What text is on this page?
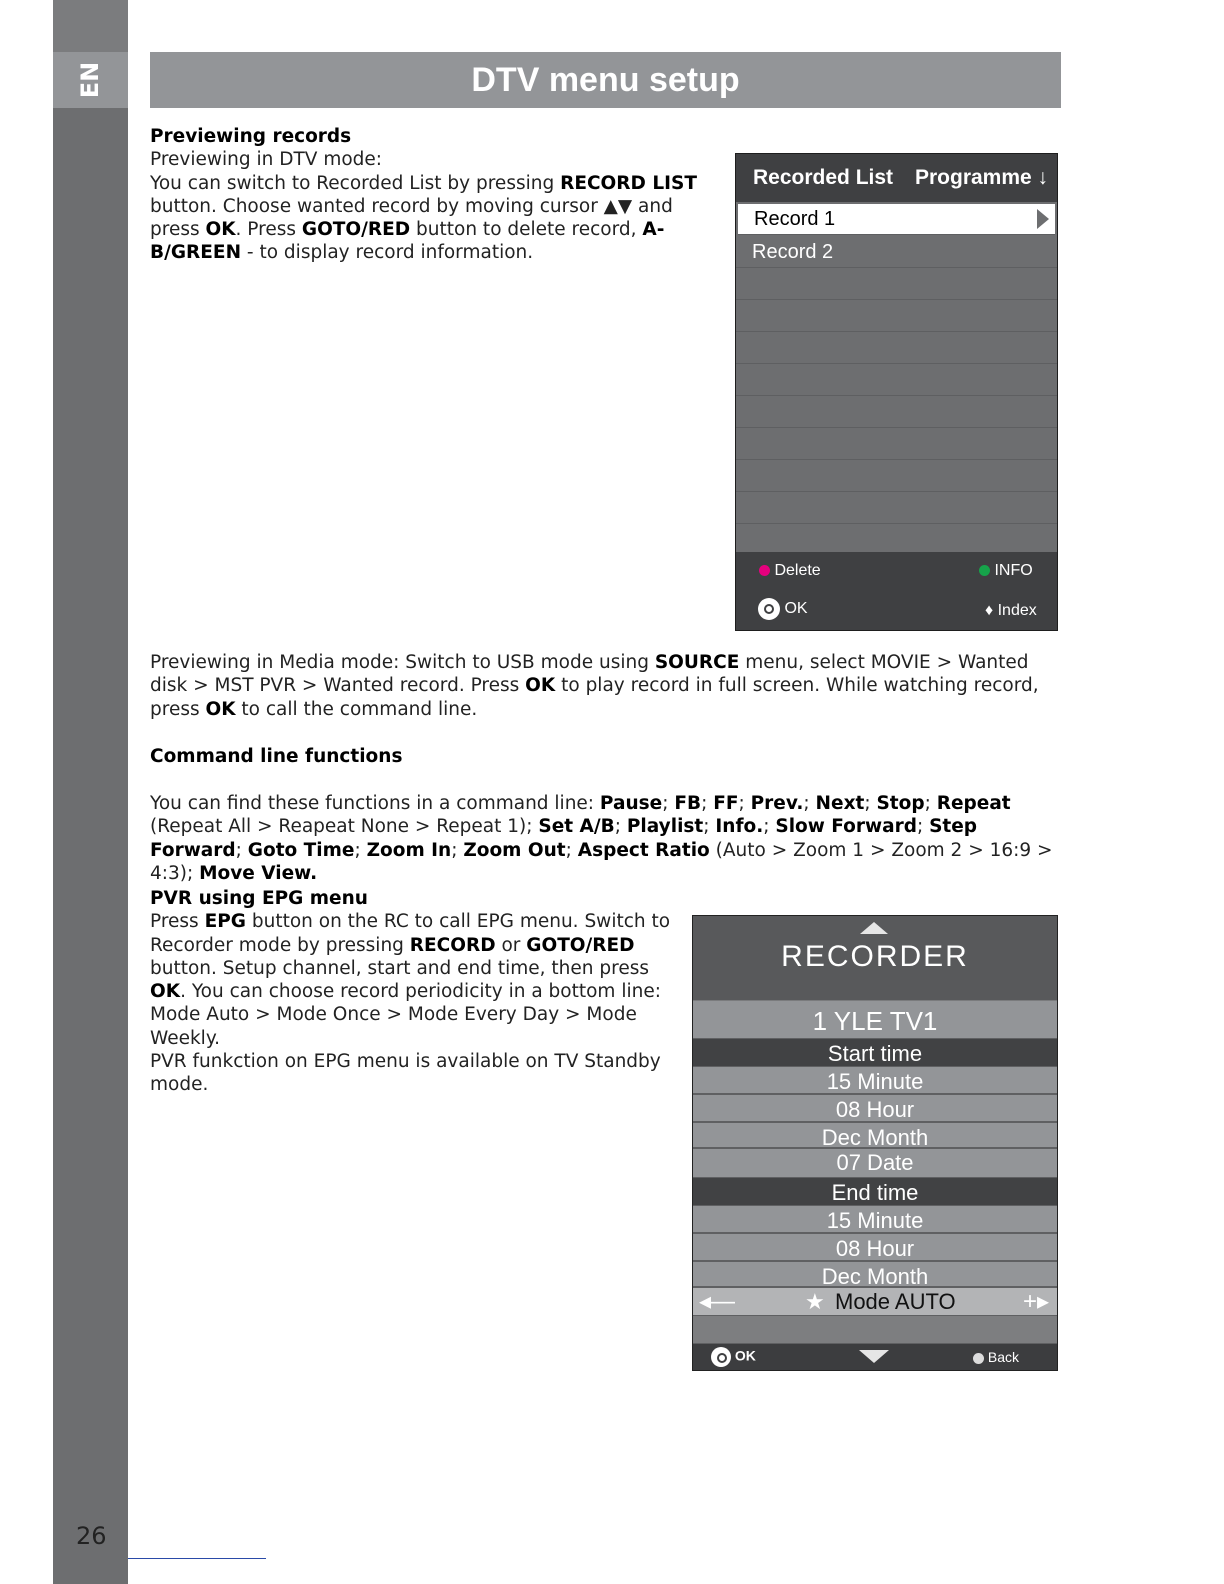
EN
26
DTV menu setup
Previewing records
Previewing in DTV mode:
You can switch to Recorded List by pressing RECORD LIST button. Choose wanted record by moving cursor ▲▼ and press OK. Press GOTO/RED button to delete record, A-B/GREEN - to display record information.
Recorded List Programme ↓
Record 1
Record 2
Delete	INFO
OK	♦ Index
Previewing in Media mode: Switch to USB mode using SOURCE menu, select MOVIE > Wanted disk > MST PVR > Wanted record. Press OK to play record in full screen. While watching record, press OK to call the command line.
Command line functions
You can find these functions in a command line: Pause; FB; FF; Prev.; Next; Stop; Repeat (Repeat All > Reapeat None > Repeat 1); Set A/B; Playlist; Info.; Slow Forward; Step Forward; Goto Time; Zoom In; Zoom Out; Aspect Ratio (Auto > Zoom 1 > Zoom 2 > 16:9 > 4:3); Move View.
PVR using EPG menu
Press EPG button on the RC to call EPG menu. Switch to Recorder mode by pressing RECORD or GOTO/RED button. Setup channel, start and end time, then press OK. You can choose record periodicity in a bottom line: Mode Auto > Mode Once > Mode Every Day > Mode Weekly.
PVR funkction on EPG menu is available on TV Standby mode.
RECORDER
1 YLE TV1
Start time
15 Minute
08 Hour
Dec Month
07 Date
End time
15 Minute
08 Hour
Dec Month
◂—	★ Mode AUTO	+▸
OK	Back
